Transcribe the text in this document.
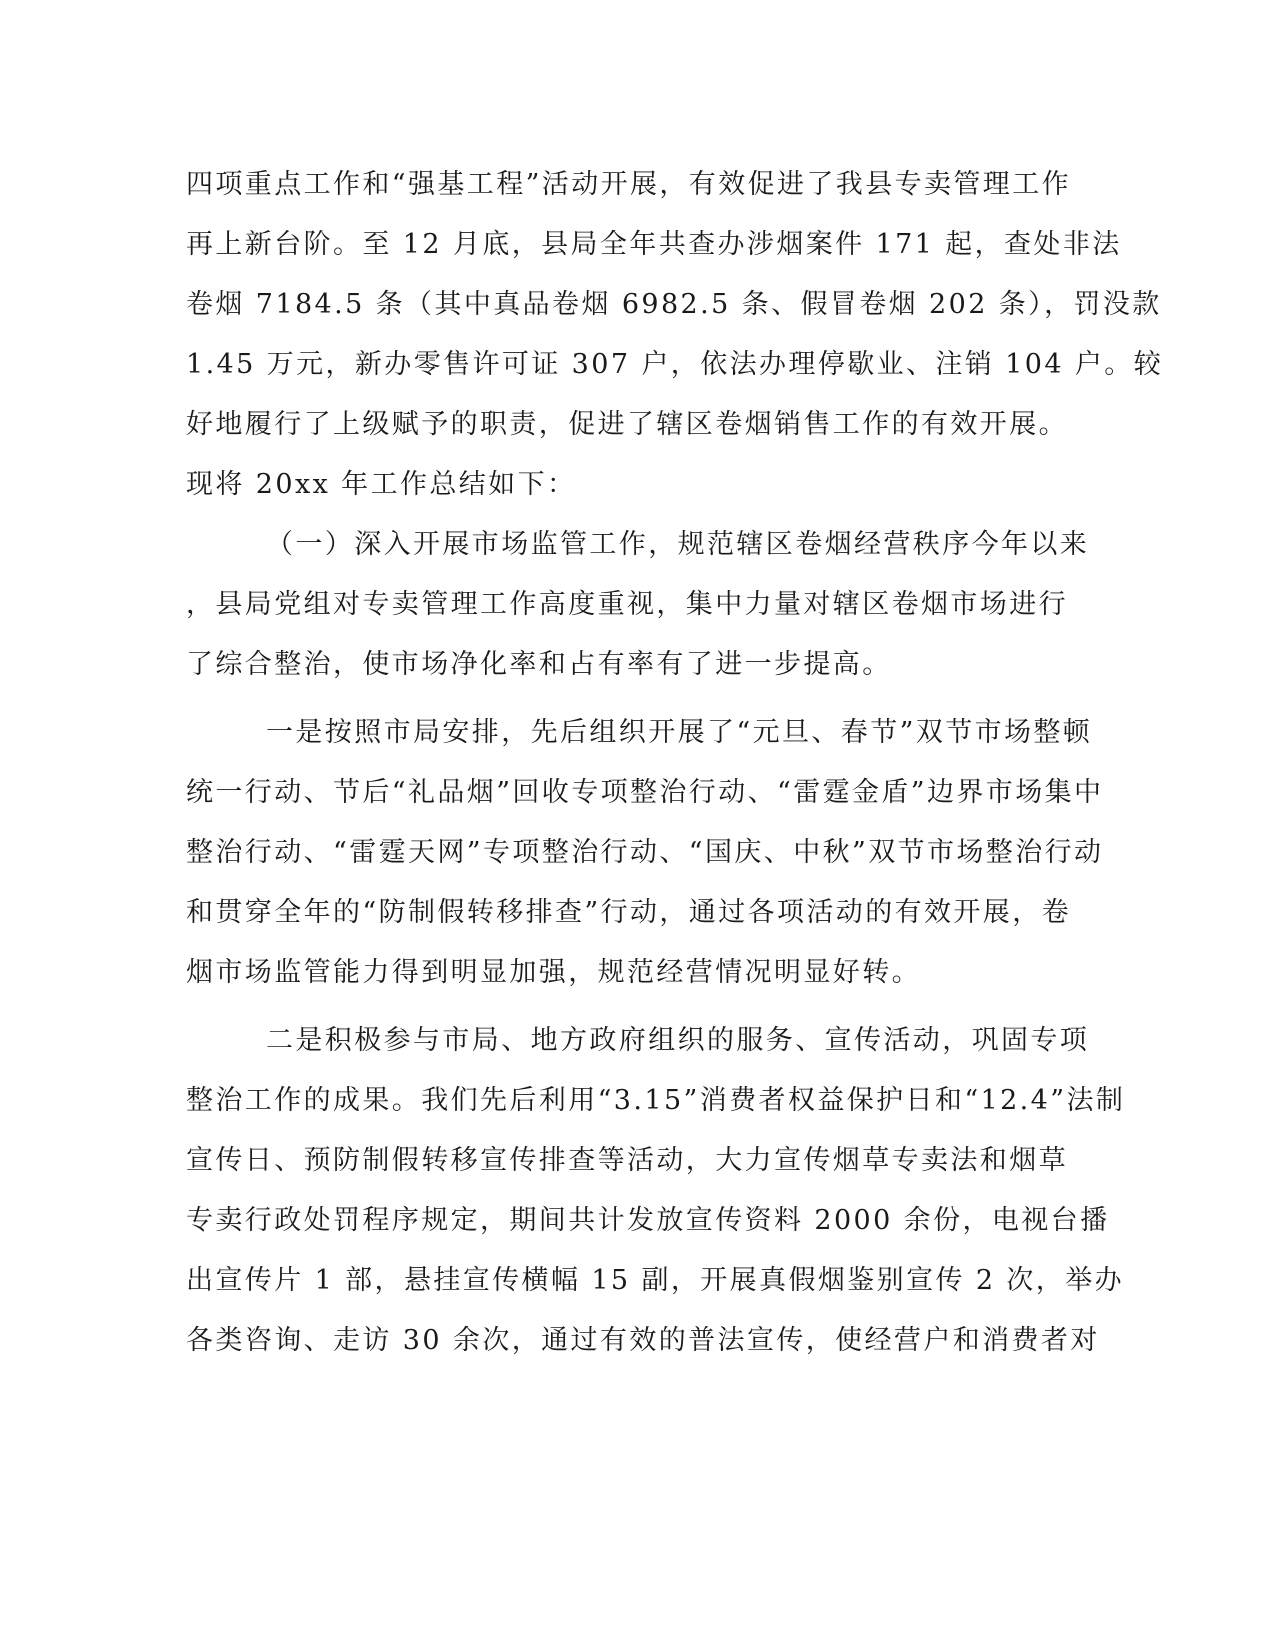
四项重点工作和“强基工程”活动开展，有效促进了我县专卖管理工作
再上新台阶。至 12 月底，县局全年共查办涉烟案件 171 起，查处非法
卷烟 7184.5 条（其中真品卷烟 6982.5 条、假冒卷烟 202 条），罚没款
1.45 万元，新办零售许可证 307 户，依法办理停歇业、注销 104 户。较
好地履行了上级赋予的职责，促进了辖区卷烟销售工作的有效开展。
现将 20xx 年工作总结如下：
（一）深入开展市场监管工作，规范辖区卷烟经营秩序今年以来
，县局党组对专卖管理工作高度重视，集中力量对辖区卷烟市场进行
了综合整治，使市场净化率和占有率有了进一步提高。
一是按照市局安排，先后组织开展了“元旦、春节”双节市场整顿
统一行动、节后“礼品烟”回收专项整治行动、“雷霆金盾”边界市场集中
整治行动、“雷霆天网”专项整治行动、“国庆、中秋”双节市场整治行动
和贯穿全年的“防制假转移排查”行动，通过各项活动的有效开展，卷
烟市场监管能力得到明显加强，规范经营情况明显好转。
二是积极参与市局、地方政府组织的服务、宣传活动，巩固专项
整治工作的成果。我们先后利用“3.15”消费者权益保护日和“12.4”法制
宣传日、预防制假转移宣传排查等活动，大力宣传烟草专卖法和烟草
专卖行政处罚程序规定，期间共计发放宣传资料 2000 余份，电视台播
出宣传片 1 部，悬挂宣传横幅 15 副，开展真假烟鉴别宣传 2 次，举办
各类咨询、走访 30 余次，通过有效的普法宣传，使经营户和消费者对
